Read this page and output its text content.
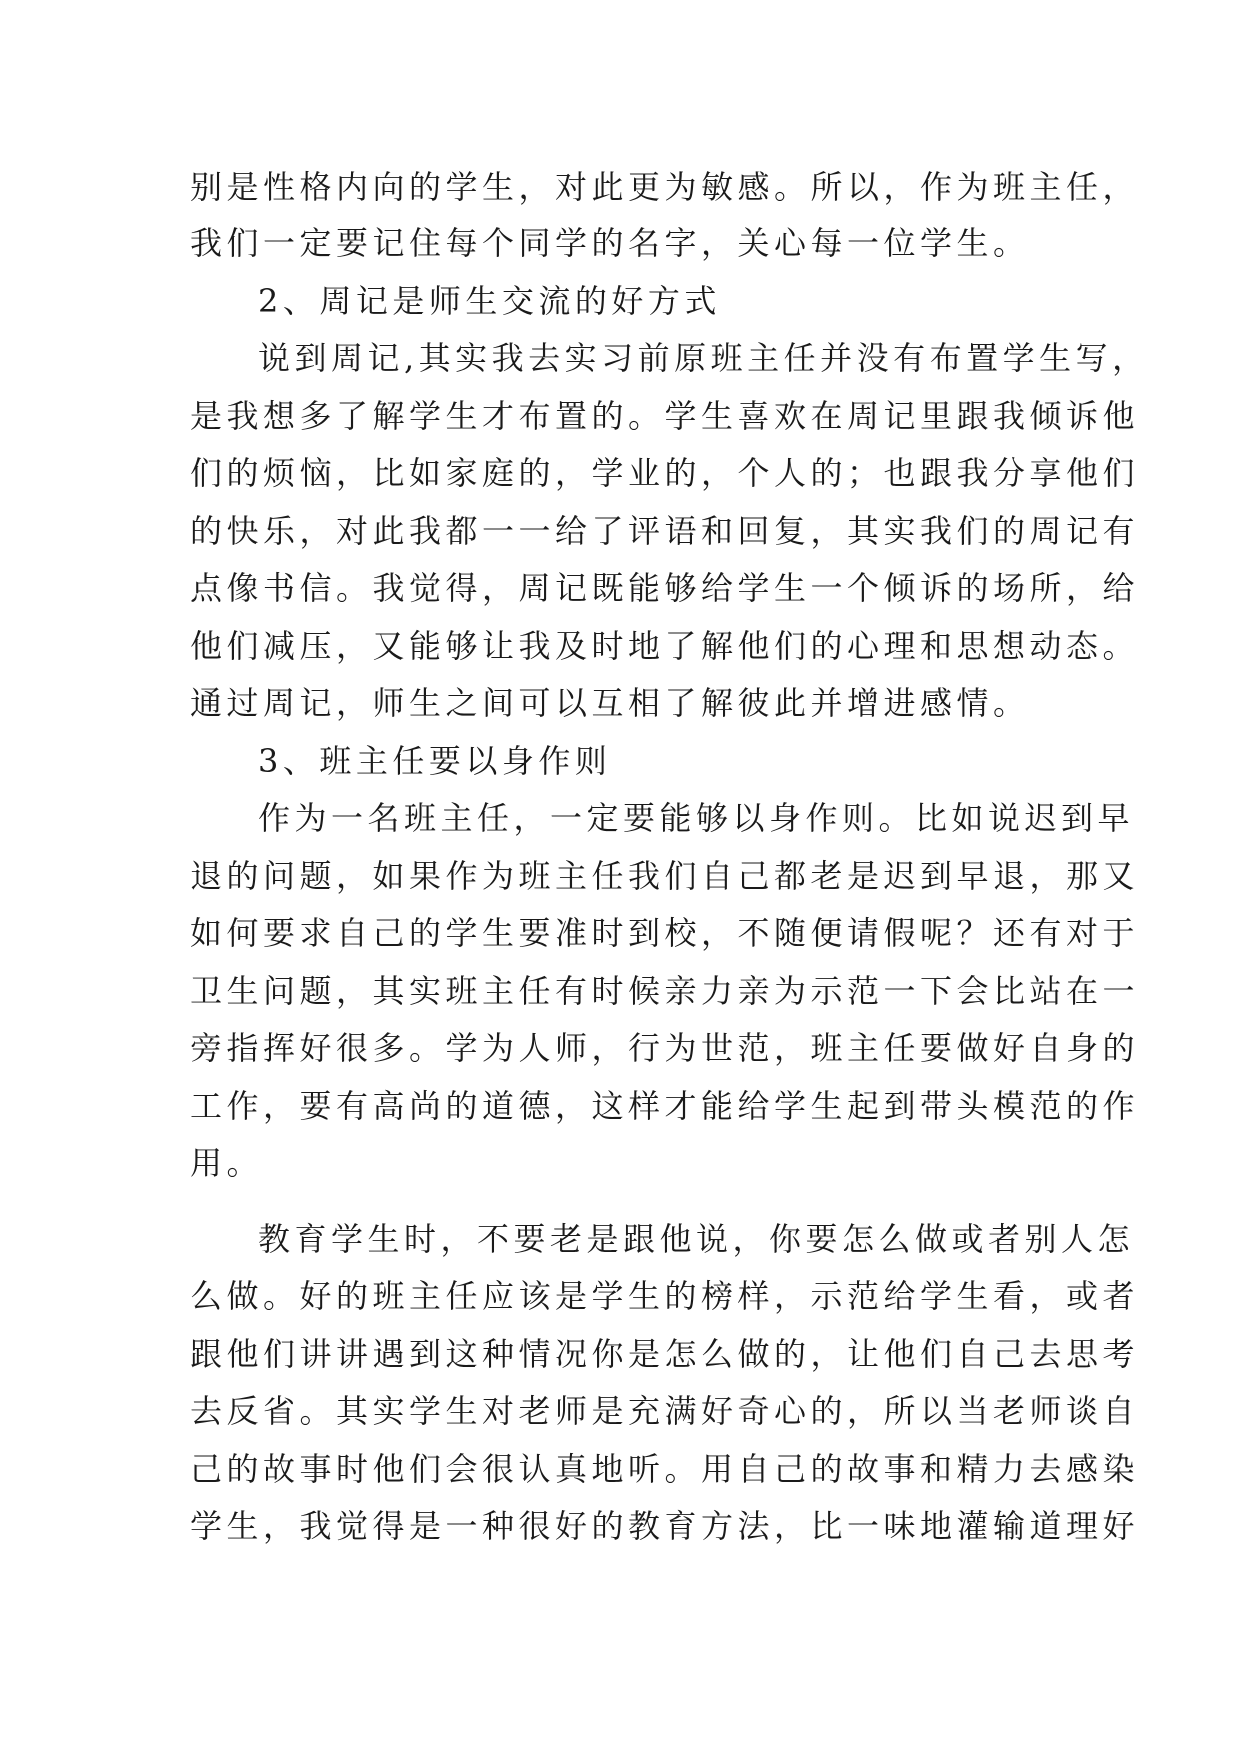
别是性格内向的学生，对此更为敏感。所以，作为班主任，
我们一定要记住每个同学的名字，关心每一位学生。
2、周记是师生交流的好方式
说到周记,其实我去实习前原班主任并没有布置学生写，
是我想多了解学生才布置的。学生喜欢在周记里跟我倾诉他
们的烦恼，比如家庭的，学业的，个人的；也跟我分享他们
的快乐，对此我都一一给了评语和回复，其实我们的周记有
点像书信。我觉得，周记既能够给学生一个倾诉的场所，给
他们减压，又能够让我及时地了解他们的心理和思想动态。
通过周记，师生之间可以互相了解彼此并增进感情。
3、班主任要以身作则
作为一名班主任，一定要能够以身作则。比如说迟到早
退的问题，如果作为班主任我们自己都老是迟到早退，那又
如何要求自己的学生要准时到校，不随便请假呢？还有对于
卫生问题，其实班主任有时候亲力亲为示范一下会比站在一
旁指挥好很多。学为人师，行为世范，班主任要做好自身的
工作，要有高尚的道德，这样才能给学生起到带头模范的作
用。
教育学生时，不要老是跟他说，你要怎么做或者别人怎
么做。好的班主任应该是学生的榜样，示范给学生看，或者
跟他们讲讲遇到这种情况你是怎么做的，让他们自己去思考
去反省。其实学生对老师是充满好奇心的，所以当老师谈自
己的故事时他们会很认真地听。用自己的故事和精力去感染
学生，我觉得是一种很好的教育方法，比一味地灌输道理好
